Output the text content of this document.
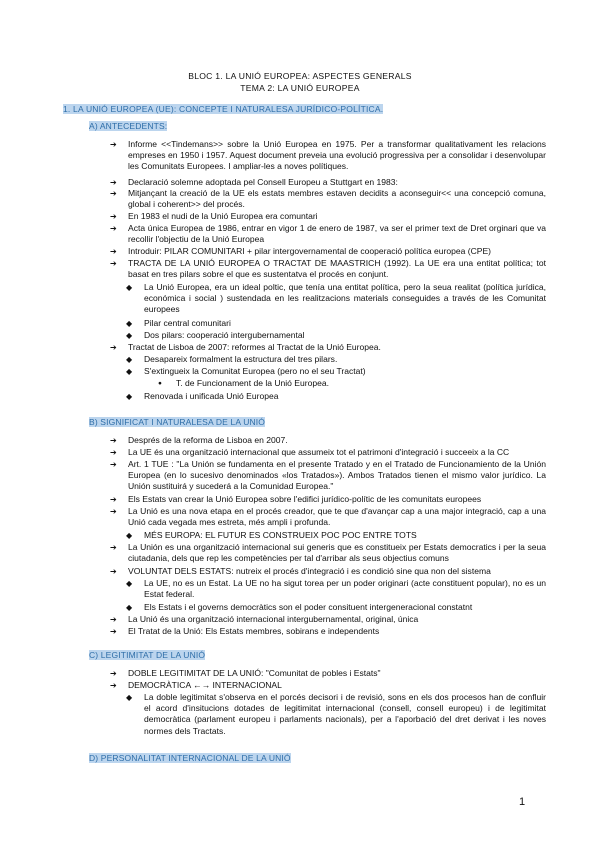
BLOC 1. LA UNIÓ EUROPEA: ASPECTES GENERALS
TEMA 2: LA UNIÓ EUROPEA
1. LA UNIÓ EUROPEA (UE): CONCEPTE I NATURALESA JURÍDICO-POLÍTICA.
A) ANTECEDENTS:
➔ Informe <<Tindemans>> sobre la Unió Europea en 1975. Per a transformar qualitativament les relacions empreses en 1950 i 1957. Aquest document preveia una evolució progressiva per a consolidar i desenvolupar les Comunitats Europees. I ampliar-les a noves polítiques.
➔ Declaració solemne adoptada pel Consell Europeu a Stuttgart en 1983:
➔ Mitjançant la creació de la UE els estats membres estaven decidits a aconseguir<< una concepció comuna, global i coherent>> del procés.
➔ En 1983 el nudi de la Unió Europea era comuntari
➔ Acta única Europea de 1986, entrar en vigor 1 de enero de 1987, va ser el primer text de Dret orginari que va recollir l'objectiu de la Unió Europea
➔ Introduir: PILAR COMUNITARI + pilar intergovernamental de cooperació política europea (CPE)
➔ TRACTA DE LA UNIÓ EUROPEA O TRACTAT DE MAASTRICH (1992). La UE era una entitat política; tot basat en tres pilars sobre el que es sustentatva el procés en conjunt.
◆ La Unió Europea, era un ideal poltic, que tenía una entitat política, pero la seua realitat (política jurídica, económica i social ) sustendada en les realitzacions materials conseguides a través de les Comunitat europees
◆ Pilar central comunitari
◆ Dos pilars: cooperació intergubernamental
➔ Tractat de Lisboa de 2007: reformes al Tractat de la Unió Europea.
◆ Desapareix formalment la estructura del tres pilars.
◆ S'extingueix la Comunitat Europea (pero no el seu Tractat)
● T. de Funcionament de la Unió Europea.
◆ Renovada i unificada Unió Europea
B) SIGNIFICAT I NATURALESA DE LA UNIÓ
➔ Després de la reforma de Lisboa en 2007.
➔ La UE és una organització internacional que assumeix tot el patrimoni d'integració i succeeix a la CC
➔ Art. 1 TUE : "La Unión se fundamenta en el presente Tratado y en el Tratado de Funcionamiento de la Unión Europea (en lo sucesivo denominados «los Tratados»). Ambos Tratados tienen el mismo valor jurídico. La Unión sustituirá y sucederá a la Comunidad Europea."
➔ Els Estats van crear la Unió Europea sobre l'edifici jurídico-polític de les comunitats europees
➔ La Unió es una nova etapa en el procés creador, que te que d'avançar cap a una major integració, cap a una Unió cada vegada mes estreta, més ampli i profunda.
◆ MÉS EUROPA: EL FUTUR ES CONSTRUEIX POC POC ENTRE TOTS
➔ La Unión es una organització internacional sui generis que es constitueix per Estats democratics i per la seua ciutadania, dels que rep les competències per tal d'arribar als seus objectius comuns
➔ VOLUNTAT DELS ESTATS: nutreix el procés d'integració i es condició sine qua non del sistema
◆ La UE, no es un Estat. La UE no ha sigut torea per un poder originari (acte constituent popular), no es un Estat federal.
◆ Els Estats i el governs democràtics son el poder consituent intergeneracional constatnt
➔ La Unió és una organització internacional intergubernamental, original, única
➔ El Tratat de la Unió: Els Estats membres, sobirans e independents
C) LEGITIMITAT DE LA UNIÓ
➔ DOBLE LEGITIMITAT DE LA UNIÓ: "Comunitat de pobles i Estats"
➔ DEMOCRÀTICA ←→ INTERNACIONAL
◆ La doble legitimitat s'observa en el porcés decisori i de revisió, sons en els dos procesos han de confluir el acord d'insitucions dotades de legitimitat internacional (consell, consell europeu) i de legitimitat democràtica (parlament europeu i parlaments nacionals), per a l'aporbació del dret derivat i les noves normes dels Tractats.
D) PERSONALITAT INTERNACIONAL DE LA UNIÓ
1
